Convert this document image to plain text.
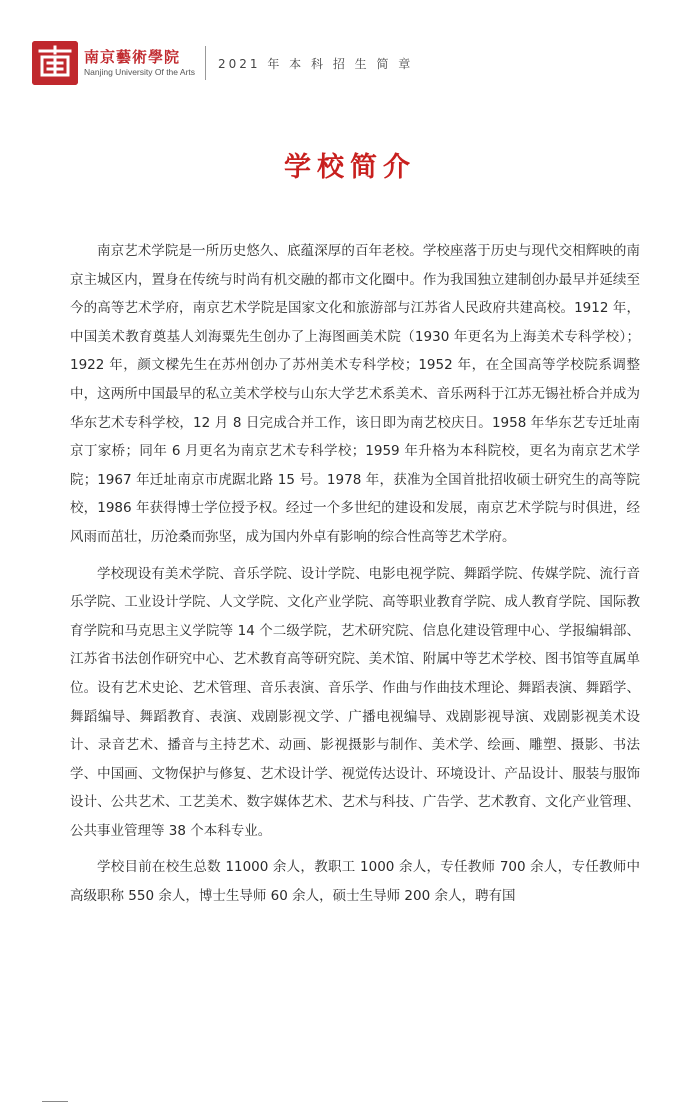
南京藝術學院
Nanjing University Of the Arts
2021 年 本 科 招 生 简 章
学校简介

南京艺术学院是一所历史悠久、底蕴深厚的百年老校。学校座落于历史与现代交相辉映的南京主城区内，置身在传统与时尚有机交融的都市文化圈中。作为我国独立建制创办最早并延续至今的高等艺术学府，南京艺术学院是国家文化和旅游部与江苏省人民政府共建高校。1912 年，中国美术教育奠基人刘海粟先生创办了上海图画美术院（1930 年更名为上海美术专科学校）；1922 年，颜文樑先生在苏州创办了苏州美术专科学校；1952 年，在全国高等学校院系调整中，这两所中国最早的私立美术学校与山东大学艺术系美术、音乐两科于江苏无锡社桥合并成为华东艺术专科学校，12 月 8 日完成合并工作，该日即为南艺校庆日。1958 年华东艺专迁址南京丁家桥；同年 6 月更名为南京艺术专科学校；1959 年升格为本科院校，更名为南京艺术学院；1967 年迁址南京市虎踞北路 15 号。1978 年，获准为全国首批招收硕士研究生的高等院校，1986 年获得博士学位授予权。经过一个多世纪的建设和发展，南京艺术学院与时俱进，经风雨而茁壮，历沧桑而弥坚，成为国内外卓有影响的综合性高等艺术学府。

学校现设有美术学院、音乐学院、设计学院、电影电视学院、舞蹈学院、传媒学院、流行音乐学院、工业设计学院、人文学院、文化产业学院、高等职业教育学院、成人教育学院、国际教育学院和马克思主义学院等 14 个二级学院，艺术研究院、信息化建设管理中心、学报编辑部、江苏省书法创作研究中心、艺术教育高等研究院、美术馆、附属中等艺术学校、图书馆等直属单位。设有艺术史论、艺术管理、音乐表演、音乐学、作曲与作曲技术理论、舞蹈表演、舞蹈学、舞蹈编导、舞蹈教育、表演、戏剧影视文学、广播电视编导、戏剧影视导演、戏剧影视美术设计、录音艺术、播音与主持艺术、动画、影视摄影与制作、美术学、绘画、雕塑、摄影、书法学、中国画、文物保护与修复、艺术设计学、视觉传达设计、环境设计、产品设计、服装与服饰设计、公共艺术、工艺美术、数字媒体艺术、艺术与科技、广告学、艺术教育、文化产业管理、公共事业管理等 38 个本科专业。

学校目前在校生总数 11000 余人，教职工 1000 余人，专任教师 700 余人，专任教师中高级职称 550 余人，博士生导师 60 余人，硕士生导师 200 余人，聘有国
